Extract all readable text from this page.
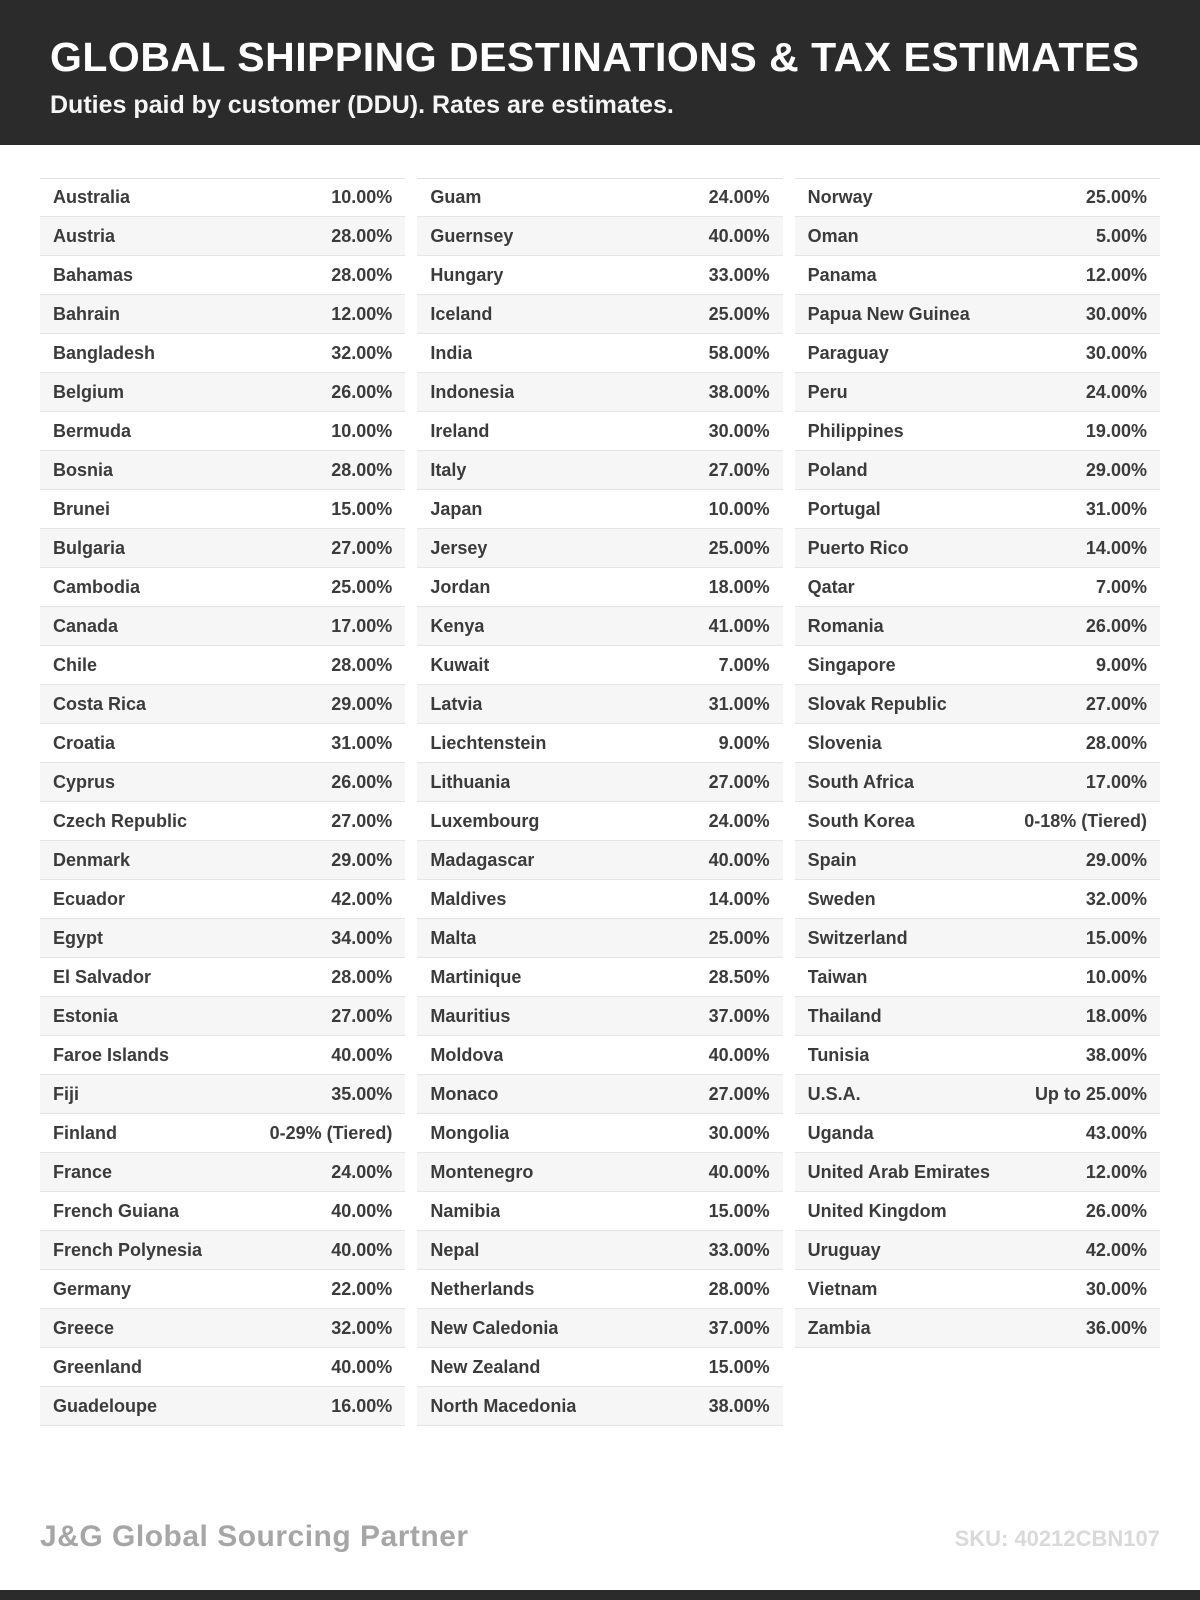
GLOBAL SHIPPING DESTINATIONS & TAX ESTIMATES
Duties paid by customer (DDU). Rates are estimates.
Australia	10.00%
Austria	28.00%
Bahamas	28.00%
Bahrain	12.00%
Bangladesh	32.00%
Belgium	26.00%
Bermuda	10.00%
Bosnia	28.00%
Brunei	15.00%
Bulgaria	27.00%
Cambodia	25.00%
Canada	17.00%
Chile	28.00%
Costa Rica	29.00%
Croatia	31.00%
Cyprus	26.00%
Czech Republic	27.00%
Denmark	29.00%
Ecuador	42.00%
Egypt	34.00%
El Salvador	28.00%
Estonia	27.00%
Faroe Islands	40.00%
Fiji	35.00%
Finland	0-29% (Tiered)
France	24.00%
French Guiana	40.00%
French Polynesia	40.00%
Germany	22.00%
Greece	32.00%
Greenland	40.00%
Guadeloupe	16.00%
Guam	24.00%
Guernsey	40.00%
Hungary	33.00%
Iceland	25.00%
India	58.00%
Indonesia	38.00%
Ireland	30.00%
Italy	27.00%
Japan	10.00%
Jersey	25.00%
Jordan	18.00%
Kenya	41.00%
Kuwait	7.00%
Latvia	31.00%
Liechtenstein	9.00%
Lithuania	27.00%
Luxembourg	24.00%
Madagascar	40.00%
Maldives	14.00%
Malta	25.00%
Martinique	28.50%
Mauritius	37.00%
Moldova	40.00%
Monaco	27.00%
Mongolia	30.00%
Montenegro	40.00%
Namibia	15.00%
Nepal	33.00%
Netherlands	28.00%
New Caledonia	37.00%
New Zealand	15.00%
North Macedonia	38.00%
Norway	25.00%
Oman	5.00%
Panama	12.00%
Papua New Guinea	30.00%
Paraguay	30.00%
Peru	24.00%
Philippines	19.00%
Poland	29.00%
Portugal	31.00%
Puerto Rico	14.00%
Qatar	7.00%
Romania	26.00%
Singapore	9.00%
Slovak Republic	27.00%
Slovenia	28.00%
South Africa	17.00%
South Korea	0-18% (Tiered)
Spain	29.00%
Sweden	32.00%
Switzerland	15.00%
Taiwan	10.00%
Thailand	18.00%
Tunisia	38.00%
U.S.A.	Up to 25.00%
Uganda	43.00%
United Arab Emirates	12.00%
United Kingdom	26.00%
Uruguay	42.00%
Vietnam	30.00%
Zambia	36.00%
J&G Global Sourcing Partner	SKU: 40212CBN107
